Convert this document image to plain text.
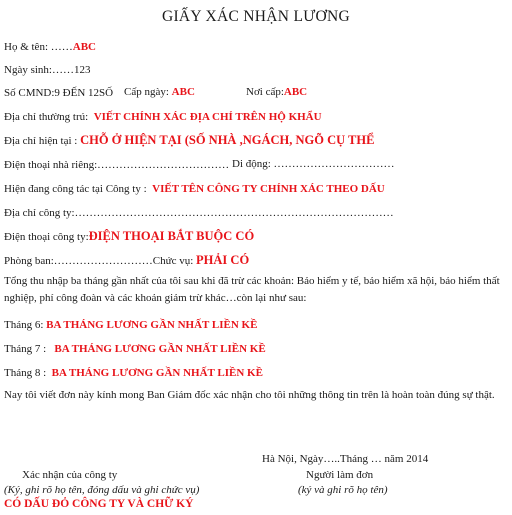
GIẤY XÁC NHẬN LƯƠNG
Họ & tên: ……ABC
Ngày sinh:……123
Số CMND:9 ĐẾN 12SỐ Cấp ngày: ABC	Nơi cấp:ABC
Địa chỉ thường trú: VIẾT CHÍNH XÁC ĐỊA CHỈ TRÊN HỘ KHẨU
Địa chỉ hiện tại : CHỖ Ở HIỆN TẠI (SỐ NHÀ ,NGÁCH, NGÕ CỤ THỂ
Điện thoại nhà riêng:……………………………… Di động: ……………………………
Hiện đang công tác tại Công ty : VIẾT TÊN CÔNG TY CHÍNH XÁC THEO DẤU
Địa chỉ công ty:……………………………………………………………………………
Điện thoại công ty:ĐIỆN THOẠI BẮT BUỘC CÓ
Phòng ban:………………………Chức vụ: PHẢI CÓ
Tổng thu nhập ba tháng gần nhất của tôi sau khi đã trừ các khoản: Bảo hiểm y tế, bảo hiểm xã hội, bảo hiểm thất nghiệp, phí công đoàn và các khoản giảm trừ khác…còn lại như sau:
Tháng 6: BA THÁNG LƯƠNG GẦN NHẤT LIỀN KỀ
Tháng 7 : BA THÁNG LƯƠNG GẦN NHẤT LIỀN KỀ
Tháng 8 : BA THÁNG LƯƠNG GẦN NHẤT LIỀN KỀ
Nay tôi viết đơn này kính mong Ban Giám đốc xác nhận cho tôi những thông tin trên là hoàn toàn đúng sự thật.
Hà Nội, Ngày…..Tháng … năm 2014
Xác nhận của công ty	Người làm đơn
(Ký, ghi rõ họ tên, đóng dấu và ghi chức vụ)	(ký và ghi rõ họ tên)
CÓ DẤU ĐỎ CÔNG TY VÀ CHỮ KÝ
